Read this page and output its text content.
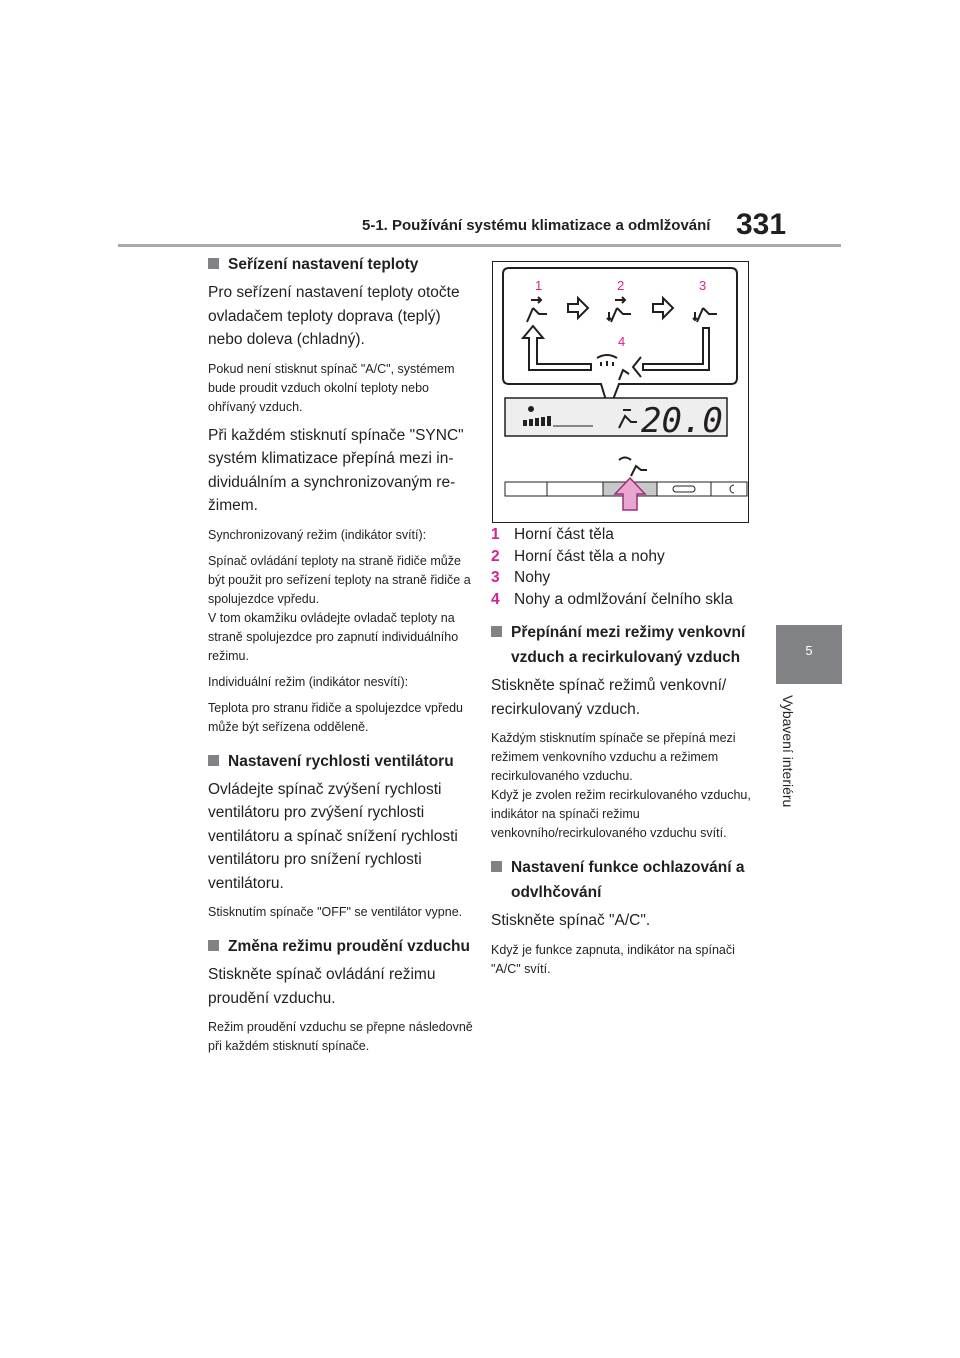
5-1. Používání systému klimatizace a odmlžování 331
5
Vybavení interiéru
Seřízení nastavení teploty
Pro seřízení nastavení teploty otočte ovladačem teploty doprava (teplý) nebo doleva (chladný).
Pokud není stisknut spínač "A/C", systémem bude proudit vzduch okolní teploty nebo ohřívaný vzduch.
Při každém stisknutí spínače "SYNC" systém klimatizace přepíná mezi individuálním a synchronizovaným režimem.
Synchronizovaný režim (indikátor svítí):
Spínač ovládání teploty na straně řidiče může být použit pro seřízení teploty na straně řidiče a spolujezdce vpředu.
V tom okamžiku ovládejte ovladač teploty na straně spolujezdce pro zapnutí individuálního režimu.
Individuální režim (indikátor nesvítí):
Teplota pro stranu řidiče a spolujezdce vpředu může být seřízena odděleně.
Nastavení rychlosti ventilátoru
Ovládejte spínač zvýšení rychlosti ventilátoru pro zvýšení rychlosti ventilátoru a spínač snížení rychlosti ventilátoru pro snížení rychlosti ventilátoru.
Stisknutím spínače "OFF" se ventilátor vypne.
Změna režimu proudění vzduchu
Stiskněte spínač ovládání režimu proudění vzduchu.
Režim proudění vzduchu se přepne následovně při každém stisknutí spínače.
1	2	3
4
20.0
1 Horní část těla
2 Horní část těla a nohy
3 Nohy
4 Nohy a odmlžování čelního skla
Přepínání mezi režimy venkovní vzduch a recirkulovaný vzduch
Stiskněte spínač režimů venkovní/ recirkulovaný vzduch.
Každým stisknutím spínače se přepíná mezi režimem venkovního vzduchu a režimem recirkulovaného vzduchu.
Když je zvolen režim recirkulovaného vzduchu, indikátor na spínači režimu venkovního/recirkulovaného vzduchu svítí.
Nastavení funkce ochlazování a odvlhčování
Stiskněte spínač "A/C".
Když je funkce zapnuta, indikátor na spínači "A/C" svítí.
